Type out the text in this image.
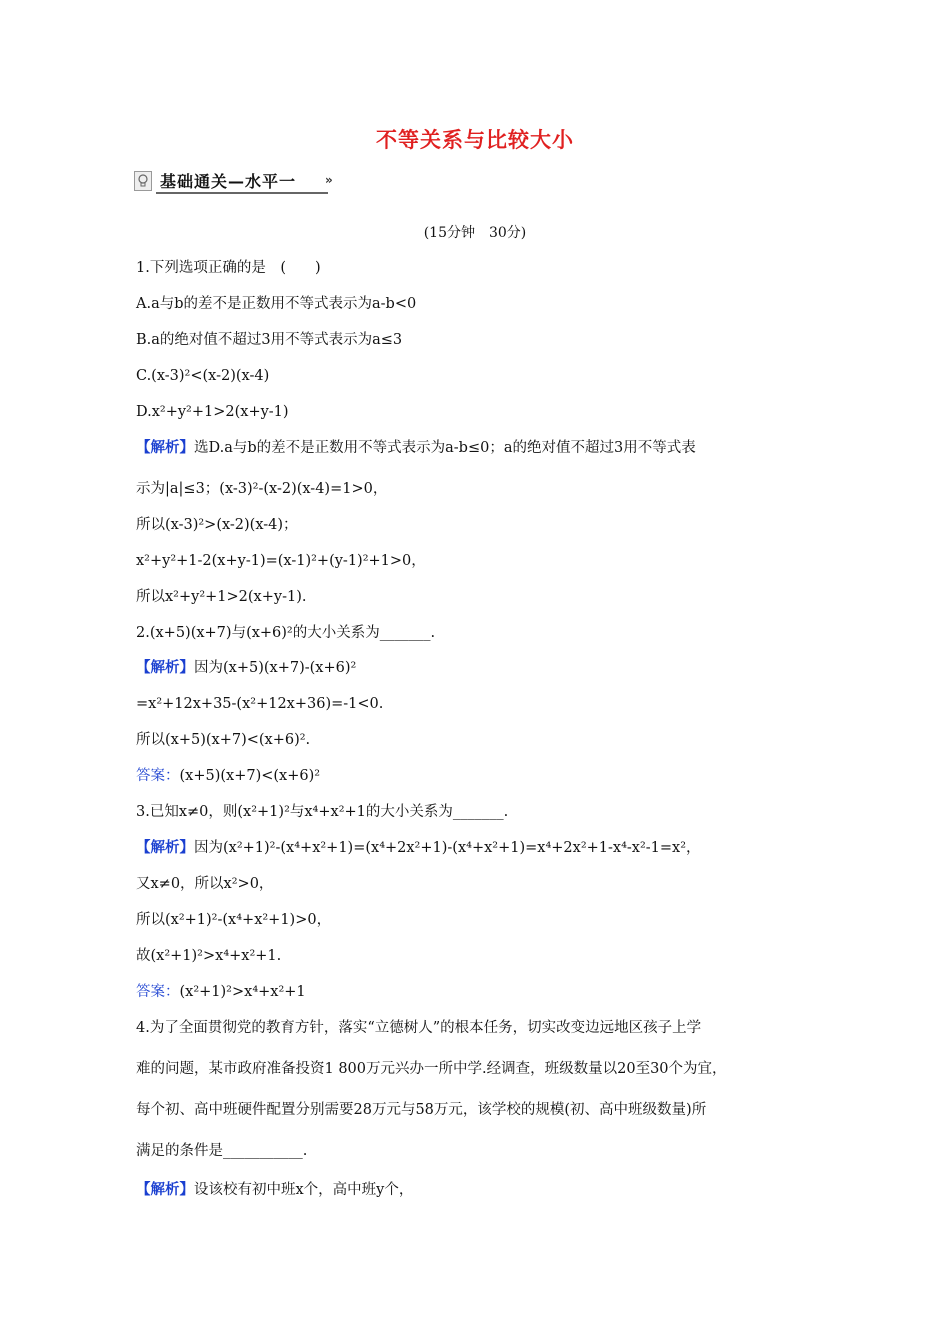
不等关系与比较大小
基础通关—水平一 »
(15分钟　30分)
1.下列选项正确的是　(　　)
A.a与b的差不是正数用不等式表示为a-b<0
B.a的绝对值不超过3用不等式表示为a≤3
C.(x-3)²<(x-2)(x-4)
D.x²+y²+1>2(x+y-1)
【解析】选D.a与b的差不是正数用不等式表示为a-b≤0；a的绝对值不超过3用不等式表
示为|a|≤3；(x-3)²-(x-2)(x-4)=1>0，
所以(x-3)²>(x-2)(x-4)；
x²+y²+1-2(x+y-1)=(x-1)²+(y-1)²+1>0，
所以x²+y²+1>2(x+y-1).
2.(x+5)(x+7)与(x+6)²的大小关系为_______.
【解析】因为(x+5)(x+7)-(x+6)²
=x²+12x+35-(x²+12x+36)=-1<0.
所以(x+5)(x+7)<(x+6)².
答案：(x+5)(x+7)<(x+6)²
3.已知x≠0，则(x²+1)²与x⁴+x²+1的大小关系为_______.
【解析】因为(x²+1)²-(x⁴+x²+1)=(x⁴+2x²+1)-(x⁴+x²+1)=x⁴+2x²+1-x⁴-x²-1=x²，
又x≠0，所以x²>0，
所以(x²+1)²-(x⁴+x²+1)>0，
故(x²+1)²>x⁴+x²+1.
答案：(x²+1)²>x⁴+x²+1
4.为了全面贯彻党的教育方针，落实“立德树人”的根本任务，切实改变边远地区孩子上学
难的问题，某市政府准备投资1 800万元兴办一所中学.经调查，班级数量以20至30个为宜，
每个初、高中班硬件配置分别需要28万元与58万元，该学校的规模(初、高中班级数量)所
满足的条件是___________.
【解析】设该校有初中班x个，高中班y个，
